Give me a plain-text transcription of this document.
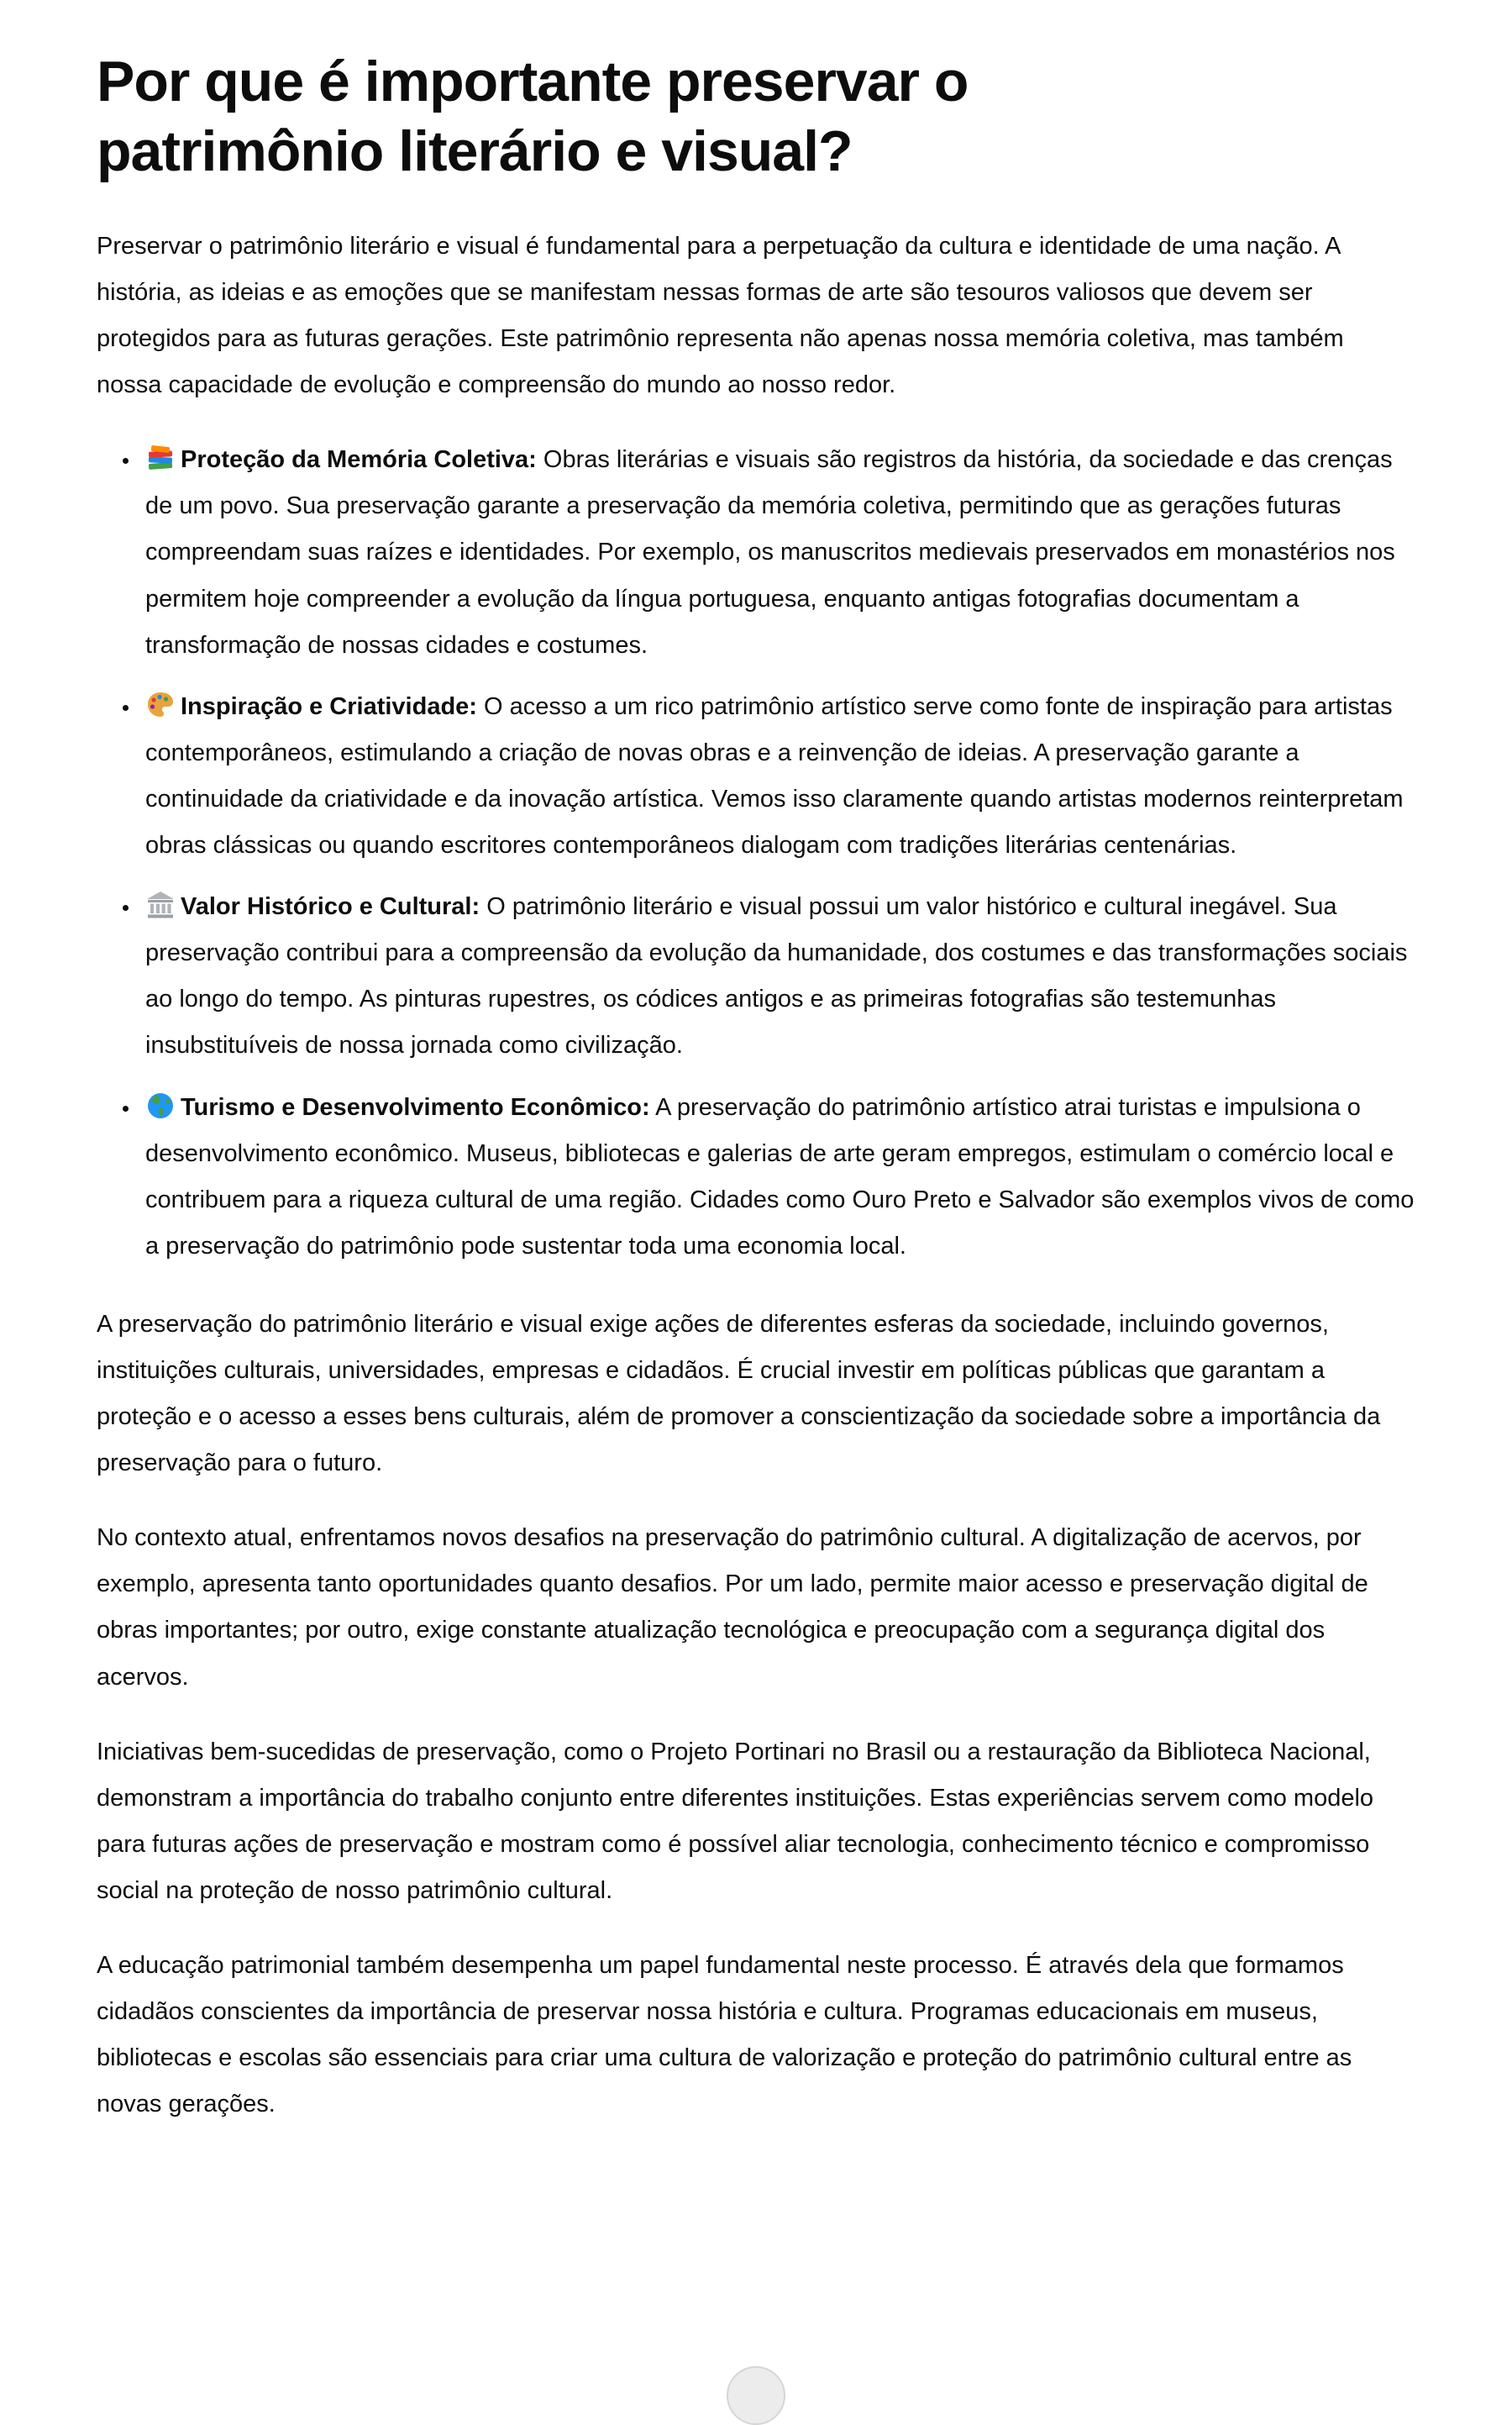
Por que é importante preservar o patrimônio literário e visual?

Preservar o patrimônio literário e visual é fundamental para a perpetuação da cultura e identidade de uma nação. A história, as ideias e as emoções que se manifestam nessas formas de arte são tesouros valiosos que devem ser protegidos para as futuras gerações. Este patrimônio representa não apenas nossa memória coletiva, mas também nossa capacidade de evolução e compreensão do mundo ao nosso redor.

• Proteção da Memória Coletiva: Obras literárias e visuais são registros da história, da sociedade e das crenças de um povo. Sua preservação garante a preservação da memória coletiva, permitindo que as gerações futuras compreendam suas raízes e identidades. Por exemplo, os manuscritos medievais preservados em monastérios nos permitem hoje compreender a evolução da língua portuguesa, enquanto antigas fotografias documentam a transformação de nossas cidades e costumes.
• Inspiração e Criatividade: O acesso a um rico patrimônio artístico serve como fonte de inspiração para artistas contemporâneos, estimulando a criação de novas obras e a reinvenção de ideias. A preservação garante a continuidade da criatividade e da inovação artística. Vemos isso claramente quando artistas modernos reinterpretam obras clássicas ou quando escritores contemporâneos dialogam com tradições literárias centenárias.
• Valor Histórico e Cultural: O patrimônio literário e visual possui um valor histórico e cultural inegável. Sua preservação contribui para a compreensão da evolução da humanidade, dos costumes e das transformações sociais ao longo do tempo. As pinturas rupestres, os códices antigos e as primeiras fotografias são testemunhas insubstituíveis de nossa jornada como civilização.
• Turismo e Desenvolvimento Econômico: A preservação do patrimônio artístico atrai turistas e impulsiona o desenvolvimento econômico. Museus, bibliotecas e galerias de arte geram empregos, estimulam o comércio local e contribuem para a riqueza cultural de uma região. Cidades como Ouro Preto e Salvador são exemplos vivos de como a preservação do patrimônio pode sustentar toda uma economia local.

A preservação do patrimônio literário e visual exige ações de diferentes esferas da sociedade, incluindo governos, instituições culturais, universidades, empresas e cidadãos. É crucial investir em políticas públicas que garantam a proteção e o acesso a esses bens culturais, além de promover a conscientização da sociedade sobre a importância da preservação para o futuro.

No contexto atual, enfrentamos novos desafios na preservação do patrimônio cultural. A digitalização de acervos, por exemplo, apresenta tanto oportunidades quanto desafios. Por um lado, permite maior acesso e preservação digital de obras importantes; por outro, exige constante atualização tecnológica e preocupação com a segurança digital dos acervos.

Iniciativas bem-sucedidas de preservação, como o Projeto Portinari no Brasil ou a restauração da Biblioteca Nacional, demonstram a importância do trabalho conjunto entre diferentes instituições. Estas experiências servem como modelo para futuras ações de preservação e mostram como é possível aliar tecnologia, conhecimento técnico e compromisso social na proteção de nosso patrimônio cultural.

A educação patrimonial também desempenha um papel fundamental neste processo. É através dela que formamos cidadãos conscientes da importância de preservar nossa história e cultura. Programas educacionais em museus, bibliotecas e escolas são essenciais para criar uma cultura de valorização e proteção do patrimônio cultural entre as novas gerações.
